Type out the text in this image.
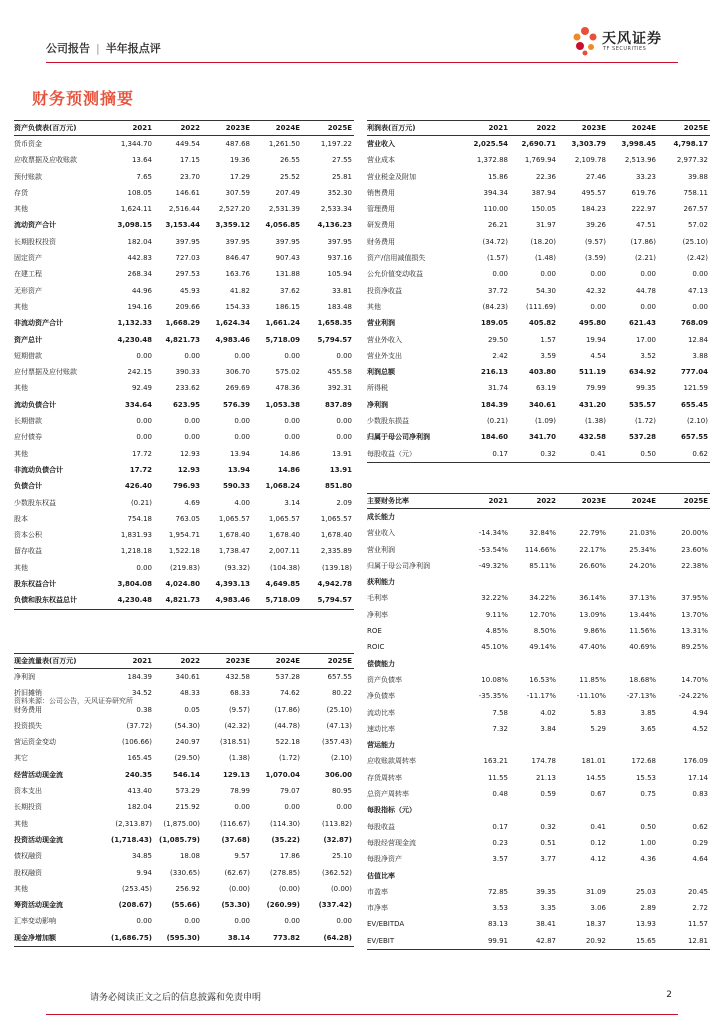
公司报告 | 半年报点评
天风证券
TF SECURITIES
财务预测摘要
资产负债表(百万元)	2021	2022	2023E	2024E	2025E
货币资金	1,344.70	449.54	487.68	1,261.50	1,197.22
应收票据及应收账款	13.64	17.15	19.36	26.55	27.55
预付账款	7.65	23.70	17.29	25.52	25.81
存货	108.05	146.61	307.59	207.49	352.30
其他	1,624.11	2,516.44	2,527.20	2,531.39	2,533.34
流动资产合计	3,098.15	3,153.44	3,359.12	4,056.85	4,136.23
长期股权投资	182.04	397.95	397.95	397.95	397.95
固定资产	442.83	727.03	846.47	907.43	937.16
在建工程	268.34	297.53	163.76	131.88	105.94
无形资产	44.96	45.93	41.82	37.62	33.81
其他	194.16	209.66	154.33	186.15	183.48
非流动资产合计	1,132.33	1,668.29	1,624.34	1,661.24	1,658.35
资产总计	4,230.48	4,821.73	4,983.46	5,718.09	5,794.57
短期借款	0.00	0.00	0.00	0.00	0.00
应付票据及应付账款	242.15	390.33	306.70	575.02	455.58
其他	92.49	233.62	269.69	478.36	392.31
流动负债合计	334.64	623.95	576.39	1,053.38	837.89
长期借款	0.00	0.00	0.00	0.00	0.00
应付债券	0.00	0.00	0.00	0.00	0.00
其他	17.72	12.93	13.94	14.86	13.91
非流动负债合计	17.72	12.93	13.94	14.86	13.91
负债合计	426.40	796.93	590.33	1,068.24	851.80
少数股东权益	(0.21)	4.69	4.00	3.14	2.09
股本	754.18	763.05	1,065.57	1,065.57	1,065.57
资本公积	1,831.93	1,954.71	1,678.40	1,678.40	1,678.40
留存收益	1,218.18	1,522.18	1,738.47	2,007.11	2,335.89
其他	0.00	(219.83)	(93.32)	(104.38)	(139.18)
股东权益合计	3,804.08	4,024.80	4,393.13	4,649.85	4,942.78
负债和股东权益总计	4,230.48	4,821.73	4,983.46	5,718.09	5,794.57
利润表(百万元)	2021	2022	2023E	2024E	2025E
营业收入	2,025.54	2,690.71	3,303.79	3,998.45	4,798.17
营业成本	1,372.88	1,769.94	2,109.78	2,513.96	2,977.32
营业税金及附加	15.86	22.36	27.46	33.23	39.88
销售费用	394.34	387.94	495.57	619.76	758.11
管理费用	110.00	150.05	184.23	222.97	267.57
研发费用	26.21	31.97	39.26	47.51	57.02
财务费用	(34.72)	(18.20)	(9.57)	(17.86)	(25.10)
资产/信用减值损失	(1.57)	(1.48)	(3.59)	(2.21)	(2.42)
公允价值变动收益	0.00	0.00	0.00	0.00	0.00
投资净收益	37.72	54.30	42.32	44.78	47.13
其他	(84.23)	(111.69)	0.00	0.00	0.00
营业利润	189.05	405.82	495.80	621.43	768.09
营业外收入	29.50	1.57	19.94	17.00	12.84
营业外支出	2.42	3.59	4.54	3.52	3.88
利润总额	216.13	403.80	511.19	634.92	777.04
所得税	31.74	63.19	79.99	99.35	121.59
净利润	184.39	340.61	431.20	535.57	655.45
少数股东损益	(0.21)	(1.09)	(1.38)	(1.72)	(2.10)
归属于母公司净利润	184.60	341.70	432.58	537.28	657.55
每股收益（元）	0.17	0.32	0.41	0.50	0.62
主要财务比率	2021	2022	2023E	2024E	2025E
成长能力					
营业收入	-14.34%	32.84%	22.79%	21.03%	20.00%
营业利润	-53.54%	114.66%	22.17%	25.34%	23.60%
归属于母公司净利润	-49.32%	85.11%	26.60%	24.20%	22.38%
获利能力					
毛利率	32.22%	34.22%	36.14%	37.13%	37.95%
净利率	9.11%	12.70%	13.09%	13.44%	13.70%
ROE	4.85%	8.50%	9.86%	11.56%	13.31%
ROIC	45.10%	49.14%	47.40%	40.69%	89.25%
偿债能力					
资产负债率	10.08%	16.53%	11.85%	18.68%	14.70%
净负债率	-35.35%	-11.17%	-11.10%	-27.13%	-24.22%
流动比率	7.58	4.02	5.83	3.85	4.94
速动比率	7.32	3.84	5.29	3.65	4.52
营运能力					
应收账款周转率	163.21	174.78	181.01	172.68	176.09
存货周转率	11.55	21.13	14.55	15.53	17.14
总资产周转率	0.48	0.59	0.67	0.75	0.83
每股指标（元）					
每股收益	0.17	0.32	0.41	0.50	0.62
每股经营现金流	0.23	0.51	0.12	1.00	0.29
每股净资产	3.57	3.77	4.12	4.36	4.64
估值比率					
市盈率	72.85	39.35	31.09	25.03	20.45
市净率	3.53	3.35	3.06	2.89	2.72
EV/EBITDA	83.13	38.41	18.37	13.93	11.57
EV/EBIT	99.91	42.87	20.92	15.65	12.81
现金流量表(百万元)	2021	2022	2023E	2024E	2025E
净利润	184.39	340.61	432.58	537.28	657.55
折旧摊销	34.52	48.33	68.33	74.62	80.22
财务费用	0.38	0.05	(9.57)	(17.86)	(25.10)
投资损失	(37.72)	(54.30)	(42.32)	(44.78)	(47.13)
营运资金变动	(106.66)	240.97	(318.51)	522.18	(357.43)
其它	165.45	(29.50)	(1.38)	(1.72)	(2.10)
经营活动现金流	240.35	546.14	129.13	1,070.04	306.00
资本支出	413.40	573.29	78.99	79.07	80.95
长期投资	182.04	215.92	0.00	0.00	0.00
其他	(2,313.87)	(1,875.00)	(116.67)	(114.30)	(113.82)
投资活动现金流	(1,718.43)	(1,085.79)	(37.68)	(35.22)	(32.87)
债权融资	34.85	18.08	9.57	17.86	25.10
股权融资	9.94	(330.65)	(62.67)	(278.85)	(362.52)
其他	(253.45)	256.92	(0.00)	(0.00)	(0.00)
筹资活动现金流	(208.67)	(55.66)	(53.30)	(260.99)	(337.42)
汇率变动影响	0.00	0.00	0.00	0.00	0.00
现金净增加额	(1,686.75)	(595.30)	38.14	773.82	(64.28)
资料来源：公司公告，天风证券研究所
请务必阅读正文之后的信息披露和免责申明	2
